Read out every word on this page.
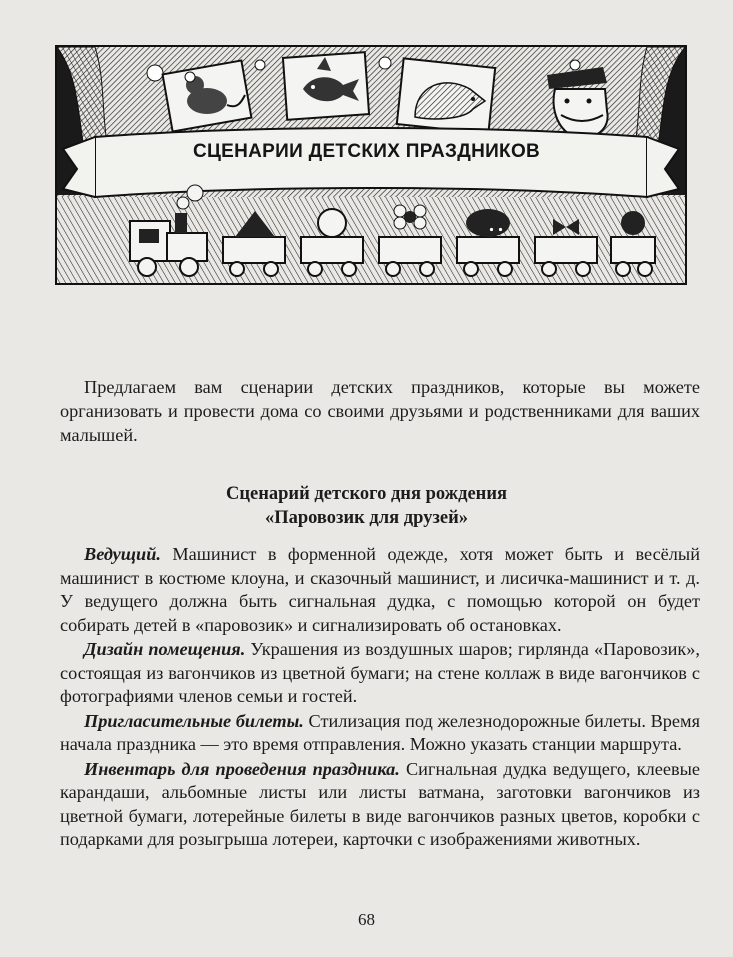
СЦЕНАРИИ ДЕТСКИХ ПРАЗДНИКОВ
Предлагаем вам сценарии детских праздников, которые вы можете организовать и провести дома со своими друзьями и родственниками для ваших малышей.
Сценарий детского дня рождения
«Паровозик для друзей»

Ведущий. Машинист в форменной одежде, хотя может быть и весёлый машинист в костюме клоуна, и сказочный машинист, и лисичка-машинист и т. д. У ведущего должна быть сигнальная дудка, с помощью которой он будет собирать детей в «паровозик» и сигнализировать об остановках.

Дизайн помещения. Украшения из воздушных шаров; гирлянда «Паровозик», состоящая из вагончиков из цветной бумаги; на стене коллаж в виде вагончиков с фотографиями членов семьи и гостей.

Пригласительные билеты. Стилизация под железнодорожные билеты. Время начала праздника — это время отправления. Можно указать станции маршрута.

Инвентарь для проведения праздника. Сигнальная дудка ведущего, клеевые карандаши, альбомные листы или листы ватмана, заготовки вагончиков из цветной бумаги, лотерейные билеты в виде вагончиков разных цветов, коробки с подарками для розыгрыша лотереи, карточки с изображениями животных.

68
